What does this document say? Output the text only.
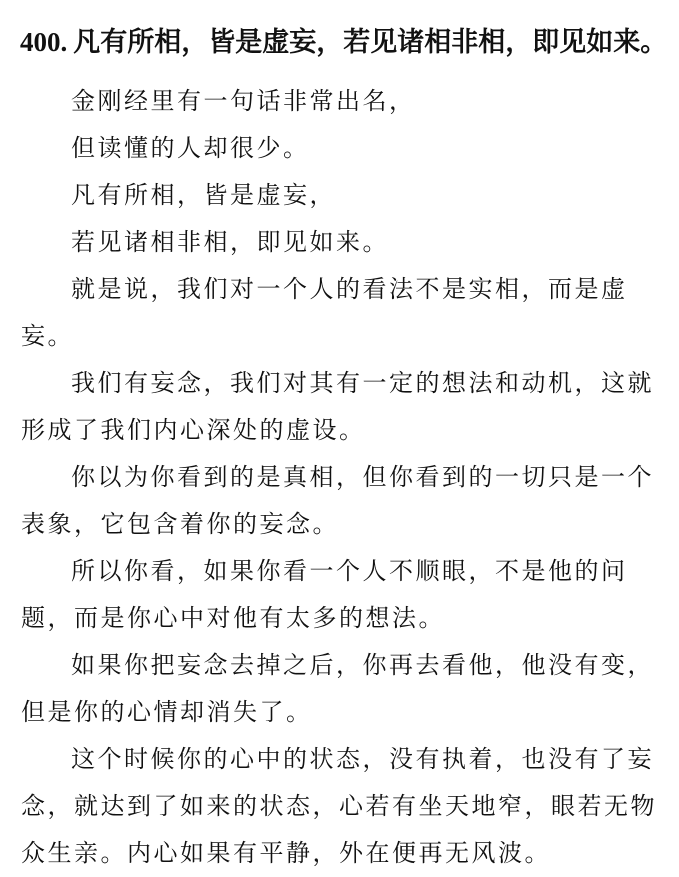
400. 凡有所相，皆是虚妄，若见诸相非相，即见如来。

金刚经里有一句话非常出名，

但读懂的人却很少。

凡有所相，皆是虚妄，

若见诸相非相，即见如来。

就是说，我们对一个人的看法不是实相，而是虚妄。

我们有妄念，我们对其有一定的想法和动机，这就形成了我们内心深处的虚设。

你以为你看到的是真相，但你看到的一切只是一个表象，它包含着你的妄念。

所以你看，如果你看一个人不顺眼，不是他的问题，而是你心中对他有太多的想法。

如果你把妄念去掉之后，你再去看他，他没有变，但是你的心情却消失了。

这个时候你的心中的状态，没有执着，也没有了妄念，就达到了如来的状态，心若有坐天地窄，眼若无物众生亲。内心如果有平静，外在便再无风波。
